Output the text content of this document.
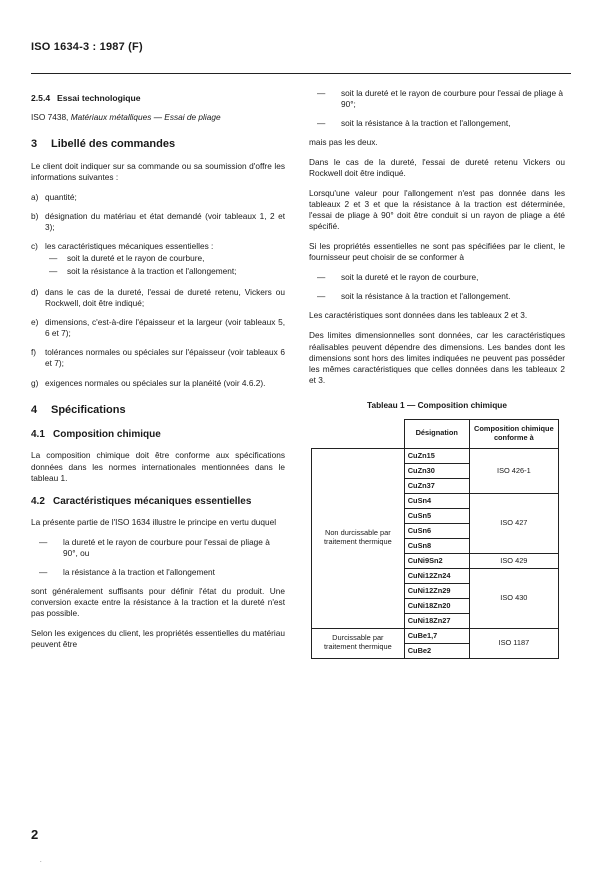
ISO 1634-3 : 1987 (F)
2.5.4 Essai technologique

ISO 7438, Matériaux métalliques — Essai de pliage

3 Libellé des commandes

Le client doit indiquer sur sa commande ou sa soumission d'offre les informations suivantes :

a) quantité;
b) désignation du matériau et état demandé (voir tableaux 1, 2 et 3);
c) les caractéristiques mécaniques essentielles :
—	soit la dureté et le rayon de courbure,
—	soit la résistance à la traction et l'allongement;
d) dans le cas de la dureté, l'essai de dureté retenu, Vickers ou Rockwell, doit être indiqué;
e) dimensions, c'est-à-dire l'épaisseur et la largeur (voir tableaux 5, 6 et 7);
f)	tolérances normales ou spéciales sur l'épaisseur (voir tableaux 6 et 7);
g) exigences normales ou spéciales sur la planéité (voir 4.6.2).
4 Spécifications
4.1 Composition chimique

La composition chimique doit être conforme aux spécifications données dans les normes internationales mentionnées dans le tableau 1.

4.2 Caractéristiques mécaniques essentielles

La présente partie de l'ISO 1634 illustre le principe en vertu duquel

—	la dureté et le rayon de courbure pour l'essai de pliage à 90°, ou
—	la résistance à la traction et l'allongement

sont généralement suffisants pour définir l'état du produit. Une conversion exacte entre la résistance à la traction et la dureté n'est pas possible.

Selon les exigences du client, les propriétés essentielles du matériau peuvent être

—	soit la dureté et le rayon de courbure pour l'essai de pliage à 90°;
—	soit la résistance à la traction et l'allongement,

mais pas les deux.

Dans le cas de la dureté, l'essai de dureté retenu Vickers ou Rockwell doit être indiqué.

Lorsqu'une valeur pour l'allongement n'est pas donnée dans les tableaux 2 et 3 et que la résistance à la traction est déterminée, l'essai de pliage à 90° doit être conduit si un rayon de pliage a été spécifié.

Si les propriétés essentielles ne sont pas spécifiées par le client, le fournisseur peut choisir de se conformer à

—	soit la dureté et le rayon de courbure,
—	soit la résistance à la traction et l'allongement.

Les caractéristiques sont données dans les tableaux 2 et 3.

Des limites dimensionnelles sont données, car les caractéristiques réalisables peuvent dépendre des dimensions. Les bandes dont les dimensions sont hors des limites indiquées ne peuvent pas posséder les mêmes caractéristiques que celles données dans les tableaux 2 et 3.

Tableau 1 — Composition chimique
	Désignation	Composition chimique conforme à
Non durcissable par traitement thermique	CuZn15	ISO 426-1
	CuZn30	
	CuZn37	
	CuSn4	ISO 427
	CuSn5	
	CuSn6	
	CuSn8	
	CuNi9Sn2	ISO 429
	CuNi12Zn24	ISO 430
	CuNi12Zn29	
	CuNi18Zn20	
	CuNi18Zn27	
Durcissable par traitement thermique	CuBe1,7	ISO 1187
	CuBe2	
2
.
